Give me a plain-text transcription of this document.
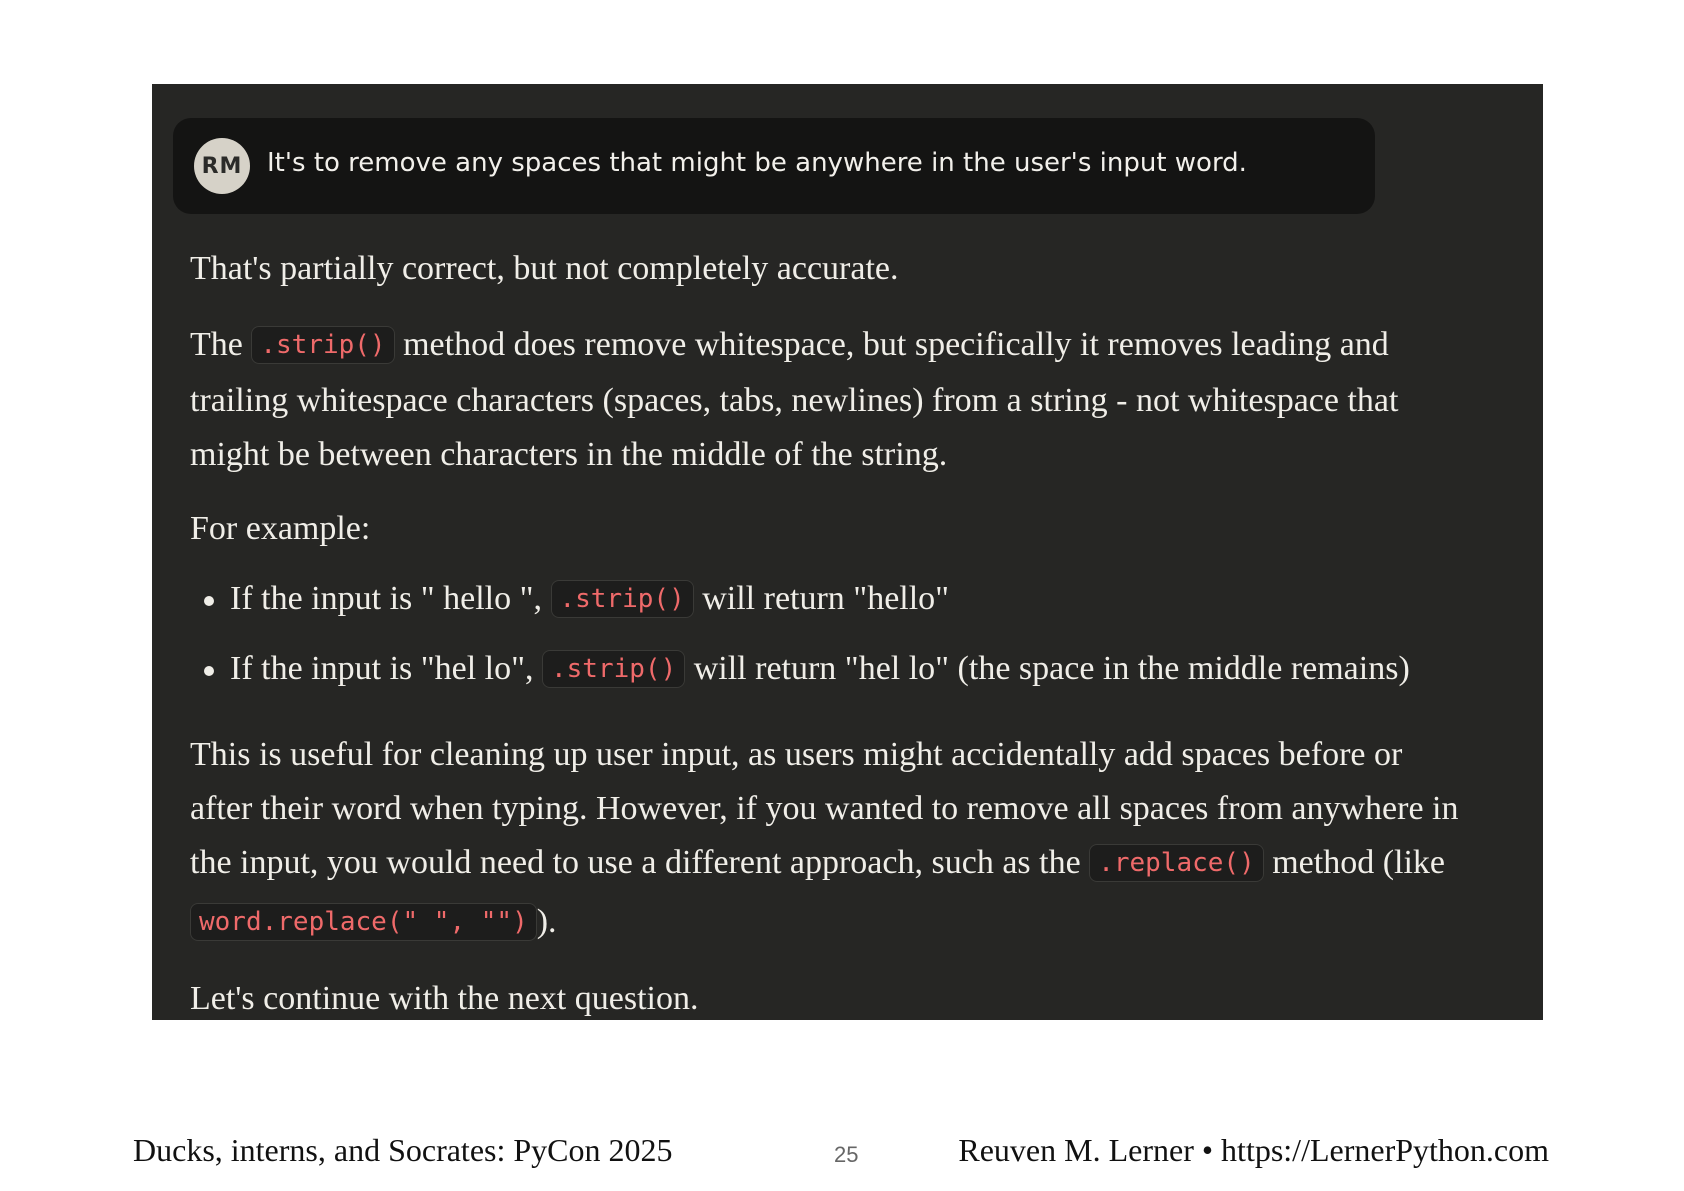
RM It's to remove any spaces that might be anywhere in the user's input word.

That's partially correct, but not completely accurate.

The .strip() method does remove whitespace, but specifically it removes leading and
trailing whitespace characters (spaces, tabs, newlines) from a string - not whitespace that
might be between characters in the middle of the string.

For example:

If the input is " hello ", .strip() will return "hello"
If the input is "hel lo", .strip() will return "hel lo" (the space in the middle remains)

This is useful for cleaning up user input, as users might accidentally add spaces before or
after their word when typing. However, if you wanted to remove all spaces from anywhere in
the input, you would need to use a different approach, such as the .replace() method (like
word.replace(" ", "") ).

Let's continue with the next question.

Ducks, interns, and Socrates: PyCon 2025	25	Reuven M. Lerner • https://LernerPython.com
